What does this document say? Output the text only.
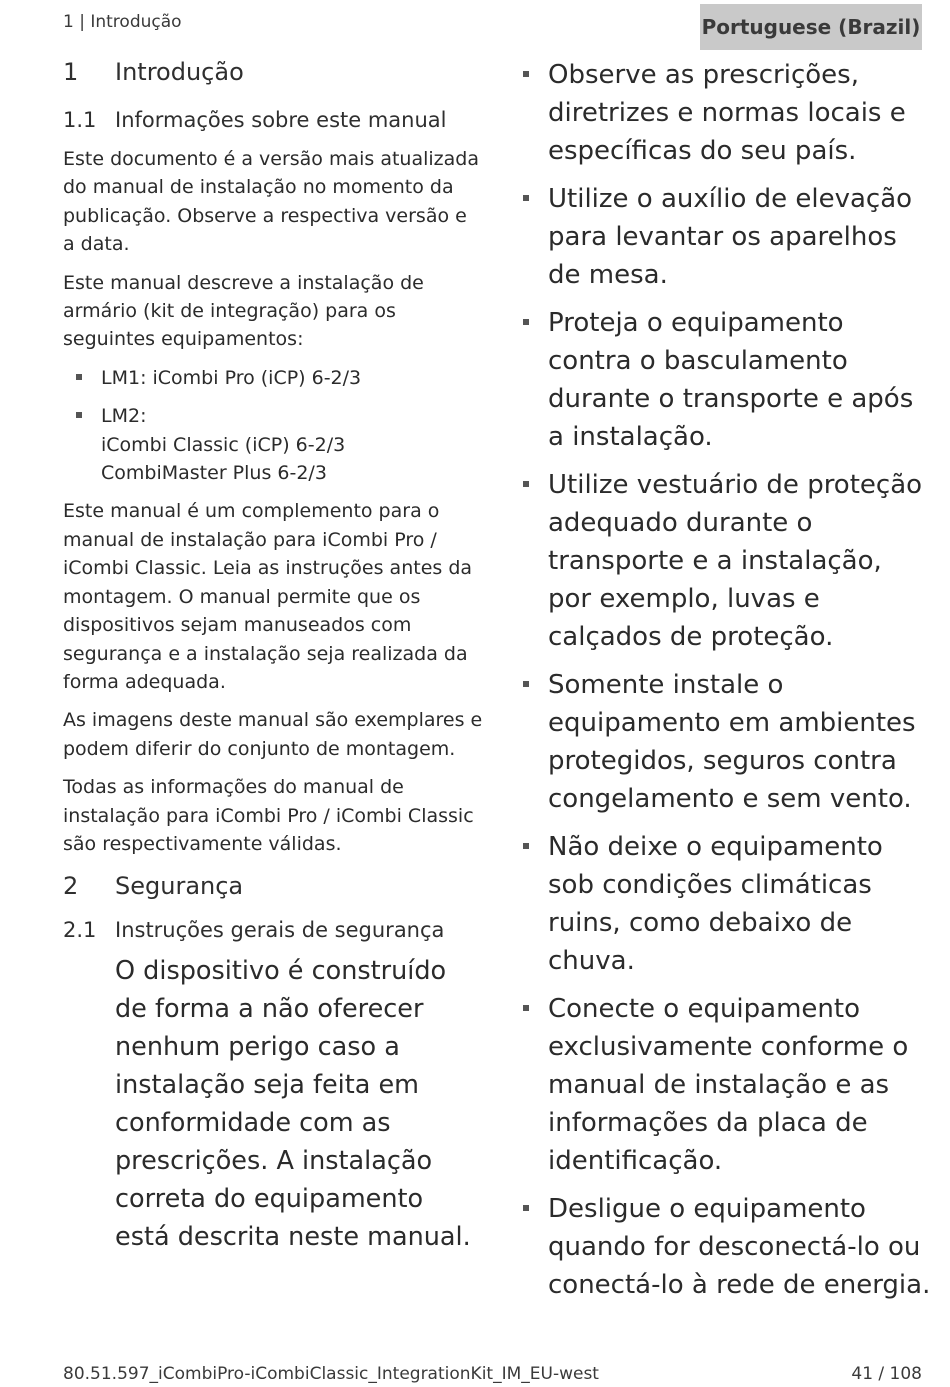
1 | Introdução	Portuguese (Brazil)
1	Introdução
1.1 Informações sobre este manual

Este documento é a versão mais atualizada do manual de instalação no momento da publicação. Observe a respectiva versão e a data.

Este manual descreve a instalação de armário (kit de integração) para os seguintes equipamentos:

LM1: iCombi Pro (iCP) 6-2/3
LM2:
iCombi Classic (iCP) 6-2/3
CombiMaster Plus 6-2/3

Este manual é um complemento para o manual de instalação para iCombi Pro / iCombi Classic. Leia as instruções antes da montagem. O manual permite que os dispositivos sejam manuseados com segurança e a instalação seja realizada da forma adequada.

As imagens deste manual são exemplares e podem diferir do conjunto de montagem.

Todas as informações do manual de instalação para iCombi Pro / iCombi Classic são respectivamente válidas.

2	Segurança
2.1 Instruções gerais de segurança
O dispositivo é construído de forma a não oferecer nenhum perigo caso a instalação seja feita em conformidade com as prescrições. A instalação correta do equipamento está descrita neste manual.
Observe as prescrições, diretrizes e normas locais e específicas do seu país.
Utilize o auxílio de elevação para levantar os aparelhos de mesa.
Proteja o equipamento contra o basculamento durante o transporte e após a instalação.
Utilize vestuário de proteção adequado durante o transporte e a instalação, por exemplo, luvas e calçados de proteção.
Somente instale o equipamento em ambientes protegidos, seguros contra congelamento e sem vento.
Não deixe o equipamento sob condições climáticas ruins, como debaixo de chuva.
Conecte o equipamento exclusivamente conforme o manual de instalação e as informações da placa de identificação.
Desligue o equipamento quando for desconectá-lo ou conectá-lo à rede de energia.
80.51.597_iCombiPro-iCombiClassic_IntegrationKit_IM_EU-west	41 / 108
